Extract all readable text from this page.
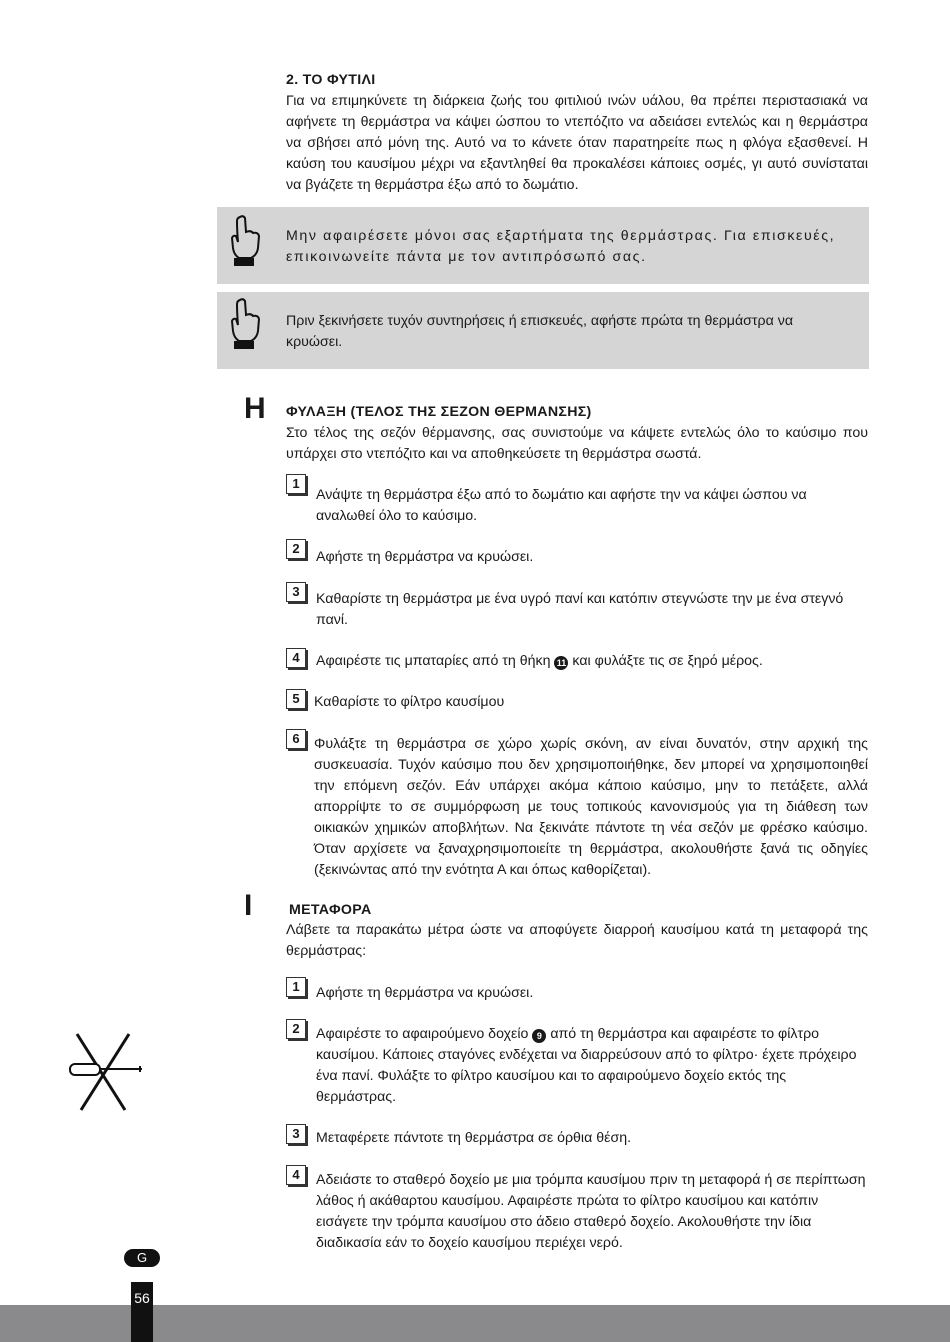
2. ΤΟ ΦΥΤΙΛΙ
Για να επιμηκύνετε τη διάρκεια ζωής του φιτιλιού ινών υάλου, θα πρέπει περιστασιακά να αφήνετε τη θερμάστρα να κάψει ώσπου το ντεπόζιτο να αδειάσει εντελώς και η θερμάστρα να σβήσει από μόνη της. Αυτό να το κάνετε όταν παρατηρείτε πως η φλόγα εξασθενεί. Η καύση του καυσίμου μέχρι να εξαντληθεί θα προκαλέσει κάποιες οσμές, γι αυτό συνίσταται να βγάζετε τη θερμάστρα έξω από το δωμάτιο.
Μην αφαιρέσετε μόνοι σας εξαρτήματα της θερμάστρας. Για επισκευές, επικοινωνείτε πάντα με τον αντιπρόσωπό σας.
Πριν ξεκινήσετε τυχόν συντηρήσεις ή επισκευές, αφήστε πρώτα τη θερμάστρα να κρυώσει.
H ΦΥΛΑΞΗ (ΤΕΛΟΣ ΤΗΣ ΣΕΖΟΝ ΘΕΡΜΑΝΣΗΣ)
Στο τέλος της σεζόν θέρμανσης, σας συνιστούμε να κάψετε εντελώς όλο το καύσιμο που υπάρχει στο ντεπόζιτο και να αποθηκεύσετε τη θερμάστρα σωστά.
1
Ανάψτε τη θερμάστρα έξω από το δωμάτιο και αφήστε την να κάψει ώσπου να αναλωθεί όλο το καύσιμο.
2
Αφήστε τη θερμάστρα να κρυώσει.
3	Καθαρίστε τη θερμάστρα με ένα υγρό πανί και κατόπιν στεγνώστε την με ένα στεγνό πανί.
4	Αφαιρέστε τις μπαταρίες από τη θήκη 11 και φυλάξτε τις σε ξηρό μέρος.
5	Καθαρίστε το φίλτρο καυσίμου
6	Φυλάξτε τη θερμάστρα σε χώρο χωρίς σκόνη, αν είναι δυνατόν, στην αρχική της συσκευασία. Τυχόν καύσιμο που δεν χρησιμοποιήθηκε, δεν μπορεί να χρησιμοποιηθεί την επόμενη σεζόν. Εάν υπάρχει ακόμα κάποιο καύσιμο, μην το πετάξετε, αλλά απορρίψτε το σε συμμόρφωση με τους τοπικούς κανονισμούς για τη διάθεση των οικιακών χημικών αποβλήτων. Να ξεκινάτε πάντοτε τη νέα σεζόν με φρέσκο καύσιμο. Όταν αρχίσετε να ξαναχρησιμοποιείτε τη θερμάστρα, ακολουθήστε ξανά τις οδηγίες (ξεκινώντας από την ενότητα Α και όπως καθορίζεται).
I	ΜΕΤΑΦΟΡΑ
Λάβετε τα παρακάτω μέτρα ώστε να αποφύγετε διαρροή καυσίμου κατά τη μεταφορά της θερμάστρας:
1	Αφήστε τη θερμάστρα να κρυώσει.
2	Αφαιρέστε το αφαιρούμενο δοχείο 9 από τη θερμάστρα και αφαιρέστε το φίλτρο καυσίμου. Κάποιες σταγόνες ενδέχεται να διαρρεύσουν από το φίλτρο· έχετε πρόχειρο ένα πανί. Φυλάξτε το φίλτρο καυσίμου και το αφαιρούμενο δοχείο εκτός της θερμάστρας.
3	Μεταφέρετε πάντοτε τη θερμάστρα σε όρθια θέση.
4	Αδειάστε το σταθερό δοχείο με μια τρόμπα καυσίμου πριν τη μεταφορά ή σε περίπτωση λάθος ή ακάθαρτου καυσίμου. Αφαιρέστε πρώτα το φίλτρο καυσίμου και κατόπιν εισάγετε την τρόμπα καυσίμου στο άδειο σταθερό δοχείο. Ακολουθήστε την ίδια διαδικασία εάν το δοχείο καυσίμου περιέχει νερό.
G
56
